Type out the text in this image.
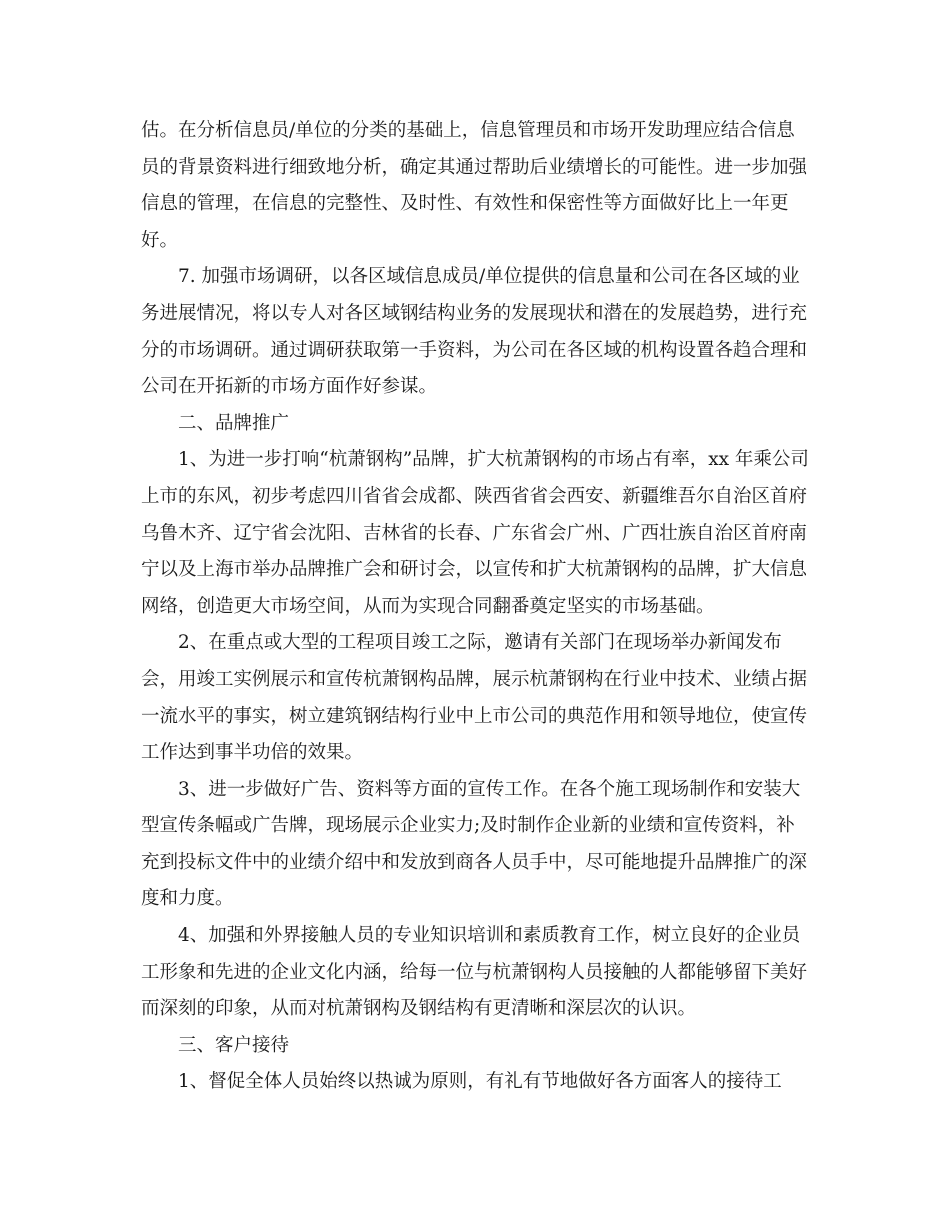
估。在分析信息员/单位的分类的基础上，信息管理员和市场开发助理应结合信息
员的背景资料进行细致地分析，确定其通过帮助后业绩增长的可能性。进一步加强
信息的管理，在信息的完整性、及时性、有效性和保密性等方面做好比上一年更
好。

　　7. 加强市场调研，以各区域信息成员/单位提供的信息量和公司在各区域的业
务进展情况，将以专人对各区域钢结构业务的发展现状和潜在的发展趋势，进行充
分的市场调研。通过调研获取第一手资料，为公司在各区域的机构设置各趋合理和
公司在开拓新的市场方面作好参谋。

　　二、品牌推广

　　1、为进一步打响“杭萧钢构”品牌，扩大杭萧钢构的市场占有率，xx 年乘公司
上市的东风，初步考虑四川省省会成都、陕西省省会西安、新疆维吾尔自治区首府
乌鲁木齐、辽宁省会沈阳、吉林省的长春、广东省会广州、广西壮族自治区首府南
宁以及上海市举办品牌推广会和研讨会，以宣传和扩大杭萧钢构的品牌，扩大信息
网络，创造更大市场空间，从而为实现合同翻番奠定坚实的市场基础。

　　2、在重点或大型的工程项目竣工之际，邀请有关部门在现场举办新闻发布
会，用竣工实例展示和宣传杭萧钢构品牌，展示杭萧钢构在行业中技术、业绩占据
一流水平的事实，树立建筑钢结构行业中上市公司的典范作用和领导地位，使宣传
工作达到事半功倍的效果。

　　3、进一步做好广告、资料等方面的宣传工作。在各个施工现场制作和安装大
型宣传条幅或广告牌，现场展示企业实力;及时制作企业新的业绩和宣传资料，补
充到投标文件中的业绩介绍中和发放到商各人员手中，尽可能地提升品牌推广的深
度和力度。

　　4、加强和外界接触人员的专业知识培训和素质教育工作，树立良好的企业员
工形象和先进的企业文化内涵，给每一位与杭萧钢构人员接触的人都能够留下美好
而深刻的印象，从而对杭萧钢构及钢结构有更清晰和深层次的认识。

　　三、客户接待

　　1、督促全体人员始终以热诚为原则，有礼有节地做好各方面客人的接待工
